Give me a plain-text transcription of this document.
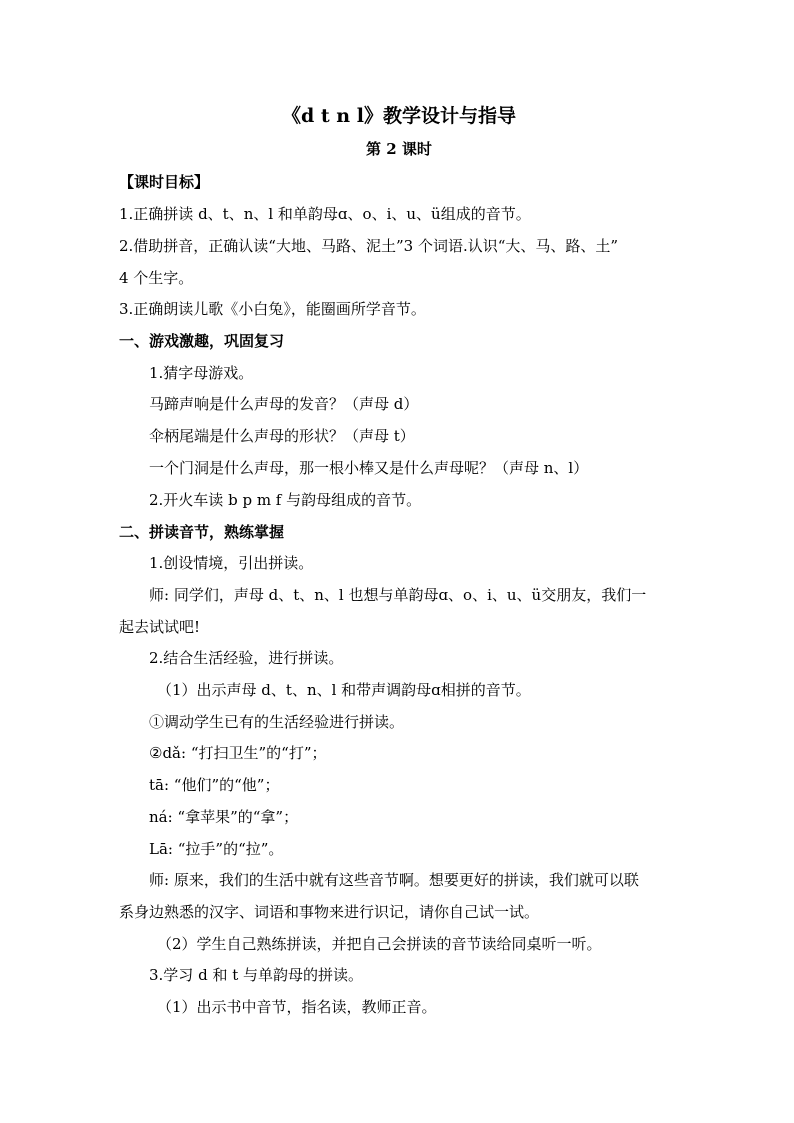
《d t n l》教学设计与指导
第 2 课时
【课时目标】
1.正确拼读 d、t、n、l 和单韵母ɑ、o、i、u、ü组成的音节。
2.借助拼音，正确认读“大地、马路、泥土”3 个词语.认识“大、马、路、土”
4 个生字。
3.正确朗读儿歌《小白兔》，能圈画所学音节。
一、游戏激趣，巩固复习
1.猜字母游戏。
马蹄声响是什么声母的发音？（声母 d）
伞柄尾端是什么声母的形状？（声母 t）
一个门洞是什么声母，那一根小棒又是什么声母呢？（声母 n、l）
2.开火车读 b p m f 与韵母组成的音节。
二、拼读音节，熟练掌握
1.创设情境，引出拼读。
师: 同学们，声母 d、t、n、l 也想与单韵母ɑ、o、i、u、ü交朋友，我们一
起去试试吧!
2.结合生活经验，进行拼读。
（1）出示声母 d、t、n、l 和带声调韵母ɑ相拼的音节。
①调动学生已有的生活经验进行拼读。
②dǎ: “打扫卫生”的“打”；
tā: “他们”的“他”；
ná: “拿苹果”的“拿”；
Lā: “拉手”的“拉”。
师: 原来，我们的生活中就有这些音节啊。想要更好的拼读，我们就可以联
系身边熟悉的汉字、词语和事物来进行识记，请你自己试一试。
（2）学生自己熟练拼读，并把自己会拼读的音节读给同桌听一听。
3.学习 d 和 t 与单韵母的拼读。
（1）出示书中音节，指名读，教师正音。
